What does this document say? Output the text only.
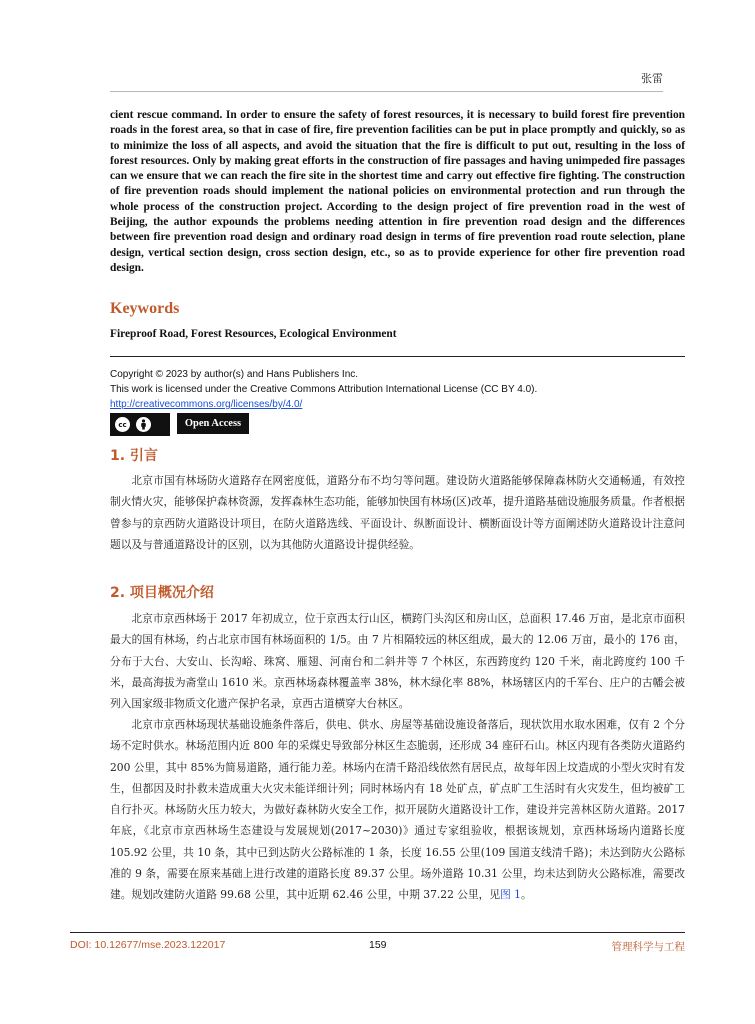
张雷
cient rescue command. In order to ensure the safety of forest resources, it is necessary to build forest fire prevention roads in the forest area, so that in case of fire, fire prevention facilities can be put in place promptly and quickly, so as to minimize the loss of all aspects, and avoid the situation that the fire is difficult to put out, resulting in the loss of forest resources. Only by making great efforts in the construction of fire passages and having unimpeded fire passages can we ensure that we can reach the fire site in the shortest time and carry out effective fire fighting. The construction of fire prevention roads should implement the national policies on environmental protection and run through the whole process of the construction project. According to the design project of fire prevention road in the west of Beijing, the author expounds the problems needing attention in fire prevention road design and the differences between fire prevention road design and ordinary road design in terms of fire prevention road route selection, plane design, vertical section design, cross section design, etc., so as to provide experience for other fire prevention road design.
Keywords
Fireproof Road, Forest Resources, Ecological Environment
Copyright © 2023 by author(s) and Hans Publishers Inc.
This work is licensed under the Creative Commons Attribution International License (CC BY 4.0).
http://creativecommons.org/licenses/by/4.0/
cc	Open Access
1. 引言
北京市国有林场防火道路存在网密度低，道路分布不均匀等问题。建设防火道路能够保障森林防火交通畅通，有效控制火情火灾，能够保护森林资源，发挥森林生态功能，能够加快国有林场(区)改革，提升道路基础设施服务质量。作者根据曾参与的京西防火道路设计项目，在防火道路选线、平面设计、纵断面设计、横断面设计等方面阐述防火道路设计注意问题以及与普通道路设计的区别，以为其他防火道路设计提供经验。
2. 项目概况介绍
北京市京西林场于 2017 年初成立，位于京西太行山区，横跨门头沟区和房山区，总面积 17.46 万亩，是北京市面积最大的国有林场，约占北京市国有林场面积的 1/5。由 7 片相隔较远的林区组成，最大的 12.06 万亩，最小的 176 亩，分布于大台、大安山、长沟峪、珠窝、雁翅、河南台和二斜井等 7 个林区，东西跨度约 120 千米，南北跨度约 100 千米，最高海拔为斋堂山 1610 米。京西林场森林覆盖率 38%，林木绿化率 88%，林场辖区内的千军台、庄户的古幡会被列入国家级非物质文化遗产保护名录，京西古道横穿大台林区。
北京市京西林场现状基础设施条件落后，供电、供水、房屋等基础设施设备落后，现状饮用水取水困难，仅有 2 个分场不定时供水。林场范围内近 800 年的采煤史导致部分林区生态脆弱，还形成 34 座矸石山。林区内现有各类防火道路约 200 公里，其中 85%为简易道路，通行能力差。林场内在清千路沿线依然有居民点，故每年因上坟造成的小型火灾时有发生，但都因及时扑救未造成重大火灾未能详细计列；同时林场内有 18 处矿点，矿点旷工生活时有火灾发生，但均被矿工自行扑灭。林场防火压力较大，为做好森林防火安全工作，拟开展防火道路设计工作，建设并完善林区防火道路。2017 年底，《北京市京西林场生态建设与发展规划(2017~2030)》通过专家组验收，根据该规划，京西林场场内道路长度 105.92 公里，共 10 条，其中已到达防火公路标准的 1 条，长度 16.55 公里(109 国道支线清千路)；未达到防火公路标准的 9 条，需要在原来基础上进行改建的道路长度 89.37 公里。场外道路 10.31 公里，均未达到防火公路标准，需要改建。规划改建防火道路 99.68 公里，其中近期 62.46 公里，中期 37.22 公里，见图 1。
DOI: 10.12677/mse.2023.122017	159	管理科学与工程
